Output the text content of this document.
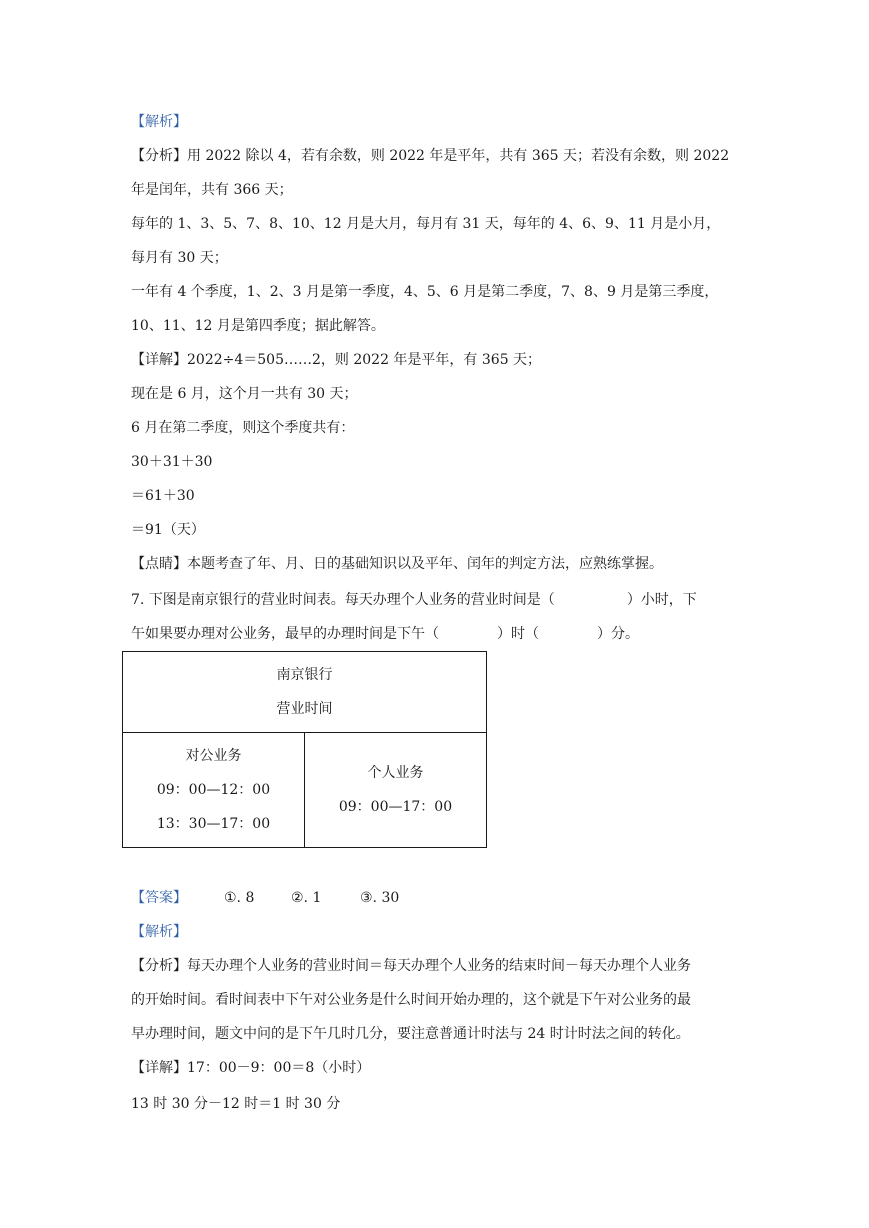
【解析】
【分析】用 2022 除以 4，若有余数，则 2022 年是平年，共有 365 天；若没有余数，则 2022
年是闰年，共有 366 天；
每年的 1、3、5、7、8、10、12 月是大月，每月有 31 天，每年的 4、6、9、11 月是小月，
每月有 30 天；
一年有 4 个季度，1、2、3 月是第一季度，4、5、6 月是第二季度，7、8、9 月是第三季度，
10、11、12 月是第四季度；据此解答。
【详解】2022÷4＝505……2，则 2022 年是平年，有 365 天；
现在是 6 月，这个月一共有 30 天；
6 月在第二季度，则这个季度共有：
30＋31＋30
＝61＋30
＝91（天）
【点睛】本题考查了年、月、日的基础知识以及平年、闰年的判定方法，应熟练掌握。
7. 下图是南京银行的营业时间表。每天办理个人业务的营业时间是（	）小时，下
午如果要办理对公业务，最早的办理时间是下午（	）时（	）分。
南京银行
营业时间

对公业务
09：00—12：00
13：30—17：00

个人业务
09：00—17：00
【答案】	①. 8	②. 1	③. 30
【解析】
【分析】每天办理个人业务的营业时间＝每天办理个人业务的结束时间－每天办理个人业务
的开始时间。看时间表中下午对公业务是什么时间开始办理的，这个就是下午对公业务的最
早办理时间，题文中问的是下午几时几分，要注意普通计时法与 24 时计时法之间的转化。
【详解】17：00－9：00＝8（小时）
13 时 30 分－12 时＝1 时 30 分
